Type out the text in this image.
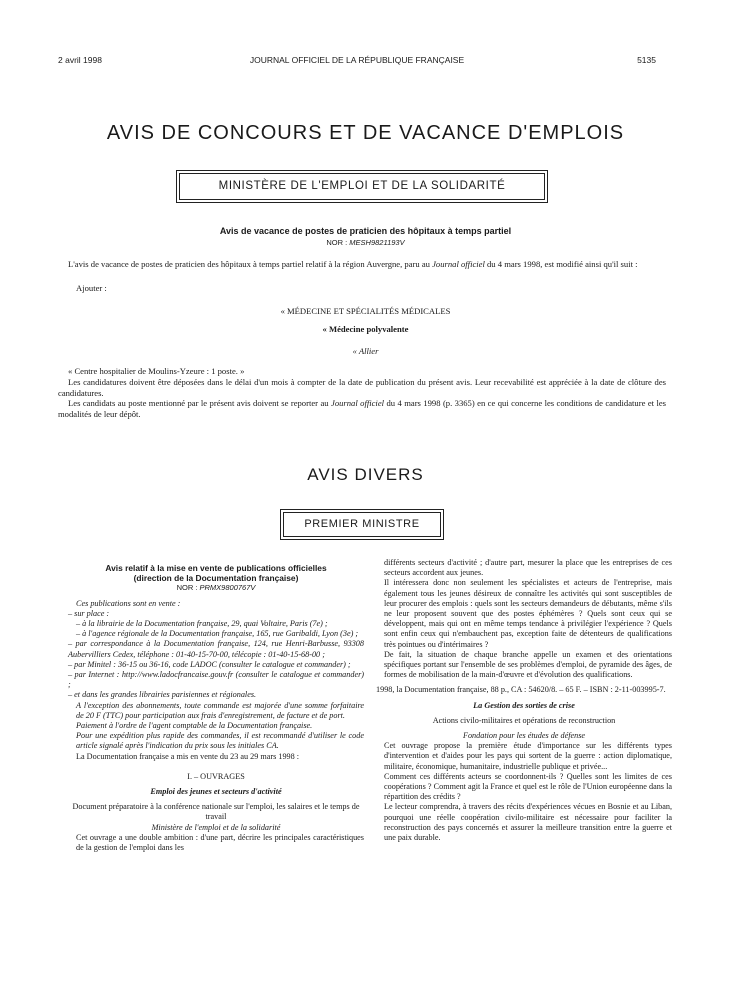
2 avril 1998	JOURNAL OFFICIEL DE LA RÉPUBLIQUE FRANÇAISE	5135
AVIS DE CONCOURS ET DE VACANCE D'EMPLOIS
MINISTÈRE DE L'EMPLOI ET DE LA SOLIDARITÉ
Avis de vacance de postes de praticien des hôpitaux à temps partiel
NOR : MESH9821193V
L'avis de vacance de postes de praticien des hôpitaux à temps partiel relatif à la région Auvergne, paru au Journal officiel du 4 mars 1998, est modifié ainsi qu'il suit :
Ajouter :
« MÉDECINE ET SPÉCIALITÉS MÉDICALES
« Médecine polyvalente
« Allier
« Centre hospitalier de Moulins-Yzeure : 1 poste. »
Les candidatures doivent être déposées dans le délai d'un mois à compter de la date de publication du présent avis. Leur recevabilité est appréciée à la date de clôture des candidatures.
Les candidats au poste mentionné par le présent avis doivent se reporter au Journal officiel du 4 mars 1998 (p. 3365) en ce qui concerne les conditions de candidature et les modalités de leur dépôt.
AVIS DIVERS
PREMIER MINISTRE
Avis relatif à la mise en vente de publications officielles
(direction de la Documentation française)
NOR : PRMX9800767V
Ces publications sont en vente :
– sur place :
– à la librairie de la Documentation française, 29, quai Voltaire, Paris (7e) ;
– à l'agence régionale de la Documentation française, 165, rue Garibaldi, Lyon (3e) ;
– par correspondance à la Documentation française, 124, rue Henri-Barbusse, 93308 Aubervilliers Cedex, téléphone : 01-40-15-70-00, télécopie : 01-40-15-68-00 ;
– par Minitel : 36-15 ou 36-16, code LADOC (consulter le catalogue et commander) ;
– par Internet : http://www.ladocfrancaise.gouv.fr (consulter le catalogue et commander) ;
– et dans les grandes librairies parisiennes et régionales.
A l'exception des abonnements, toute commande est majorée d'une somme forfaitaire de 20 F (TTC) pour participation aux frais d'enregistrement, de facture et de port.
Paiement à l'ordre de l'agent comptable de la Documentation française.
Pour une expédition plus rapide des commandes, il est recommandé d'utiliser le code article signalé après l'indication du prix sous les initiales CA.
La Documentation française a mis en vente du 23 au 29 mars 1998 :
I. – OUVRAGES
Emploi des jeunes et secteurs d'activité
Document préparatoire à la conférence nationale sur l'emploi, les salaires et le temps de travail
Ministère de l'emploi et de la solidarité
Cet ouvrage a une double ambition : d'une part, décrire les principales caractéristiques de la gestion de l'emploi dans les
différents secteurs d'activité ; d'autre part, mesurer la place que les entreprises de ces secteurs accordent aux jeunes.
Il intéressera donc non seulement les spécialistes et acteurs de l'entreprise, mais également tous les jeunes désireux de connaître les activités qui sont susceptibles de leur procurer des emplois : quels sont les secteurs demandeurs de débutants, même s'ils ne leur proposent souvent que des postes éphémères ? Quels sont ceux qui se développent, mais qui ont en même temps tendance à privilégier l'expérience ? Quels sont enfin ceux qui n'embauchent pas, exception faite de détenteurs de qualifications très pointues ou d'intérimaires ?
De fait, la situation de chaque branche appelle un examen et des orientations spécifiques portant sur l'ensemble de ses problèmes d'emploi, de pyramide des âges, de formes de mobilisation de la main-d'œuvre et d'évolution des qualifications.
1998, la Documentation française, 88 p., CA : 54620/8. – 65 F. – ISBN : 2-11-003995-7.
La Gestion des sorties de crise
Actions civilo-militaires et opérations de reconstruction
Fondation pour les études de défense
Cet ouvrage propose la première étude d'importance sur les différents types d'intervention et d'aides pour les pays qui sortent de la guerre : action diplomatique, militaire, économique, humanitaire, industrielle publique et privée...
Comment ces différents acteurs se coordonnent-ils ? Quelles sont les limites de ces coopérations ? Comment agit la France et quel est le rôle de l'Union européenne dans la répartition des crédits ?
Le lecteur comprendra, à travers des récits d'expériences vécues en Bosnie et au Liban, pourquoi une réelle coopération civilo-militaire est nécessaire pour faciliter la reconstruction des pays concernés et assurer la meilleure transition entre la guerre et une paix durable.
